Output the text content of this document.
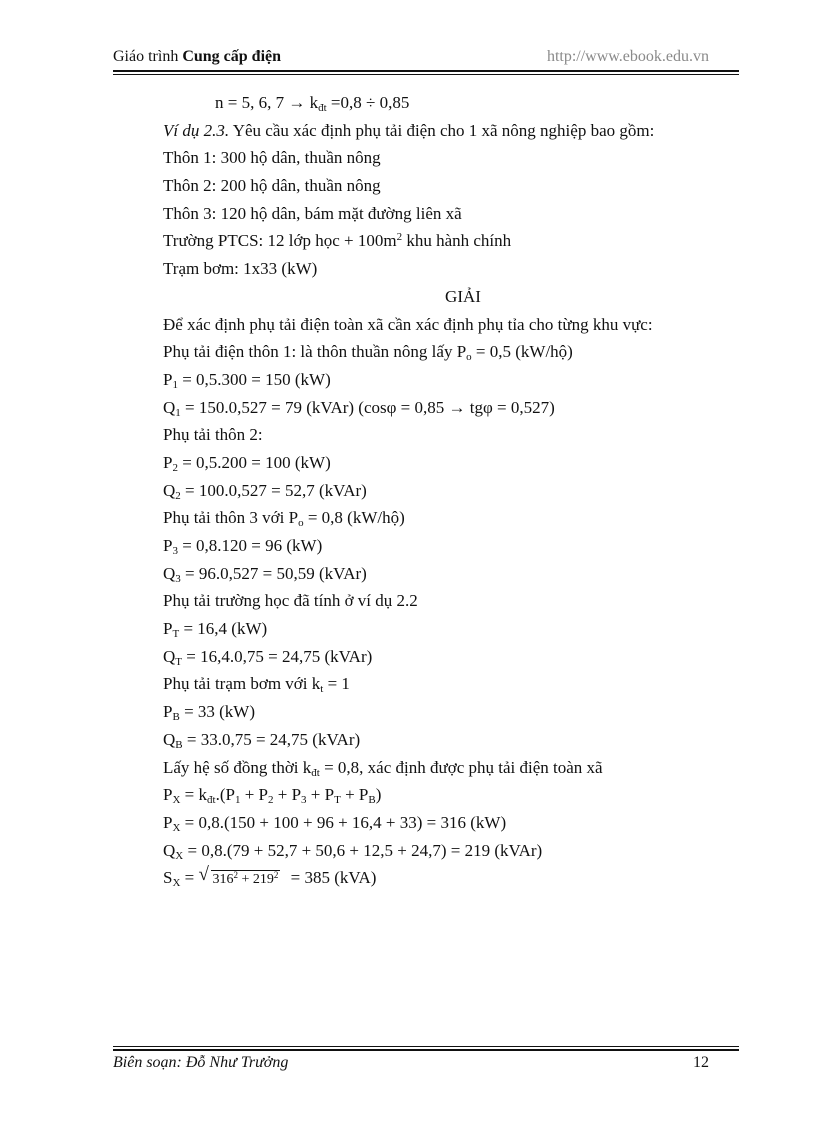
Giáo trình Cung cấp điện	http://www.ebook.edu.vn
n = 5, 6, $7 \to k_{đt} =0,8 \div 0,85$
Ví dụ 2.3. Yêu cầu xác định phụ tải điện cho 1 xã nông nghiệp bao gồm:
Thôn 1: 300 hộ dân, thuần nông
Thôn 2: 200 hộ dân, thuần nông
Thôn 3: 120 hộ dân, bám mặt đường liên xã
Trường PTCS: 12 lớp học + $100m^2$ khu hành chính
Trạm bơm: 1x33 (kW)
GIẢI
Để xác định phụ tải điện toàn xã cần xác định phụ tỉa cho từng khu vực:
Phụ tải điện thôn 1: là thôn thuần nông lấy $P_o = 0,5$ (kW/hộ)
$P_1 = 0,5.300 = 150$ (kW)
$Q_1 = 150.0,527 = 79$ (kVAr) (cosφ = 0,85 → tgφ = 0,527)
Phụ tải thôn 2:
$P_2 = 0,5.200 = 100$ (kW)
$Q_2 = 100.0,527 = 52,7$ (kVAr)
Phụ tải thôn 3 với $P_o = 0,8$ (kW/hộ)
$P_3 = 0,8.120 = 96$ (kW)
$Q_3 = 96.0,527 = 50,59$ (kVAr)
Phụ tải trường học đã tính ở ví dụ 2.2
$P_T = 16,4$ (kW)
$Q_T = 16,4.0,75 = 24,75$ (kVAr)
Phụ tải trạm bơm với $k_t = 1$
$P_B = 33$ (kW)
$Q_B = 33.0,75 = 24,75$ (kVAr)
Lấy hệ số đồng thời $k_{đt} = 0,8$, xác định được phụ tải điện toàn xã
$P_X = k_{đt}.(P_1 + P_2 + P_3 + P_T + P_B)$
$P_X = 0,8.(150 + 100 + 96 + 16,4 + 33) = 316$ (kW)
$Q_X = 0,8.(79 + 52,7 + 50,6 + 12,5 + 24,7) = 219$ (kVAr)
$S_X$ = √ $316^2 + 219^2 = 385$ (kVA)
Biên soạn: Đỗ Như Trưởng	12
